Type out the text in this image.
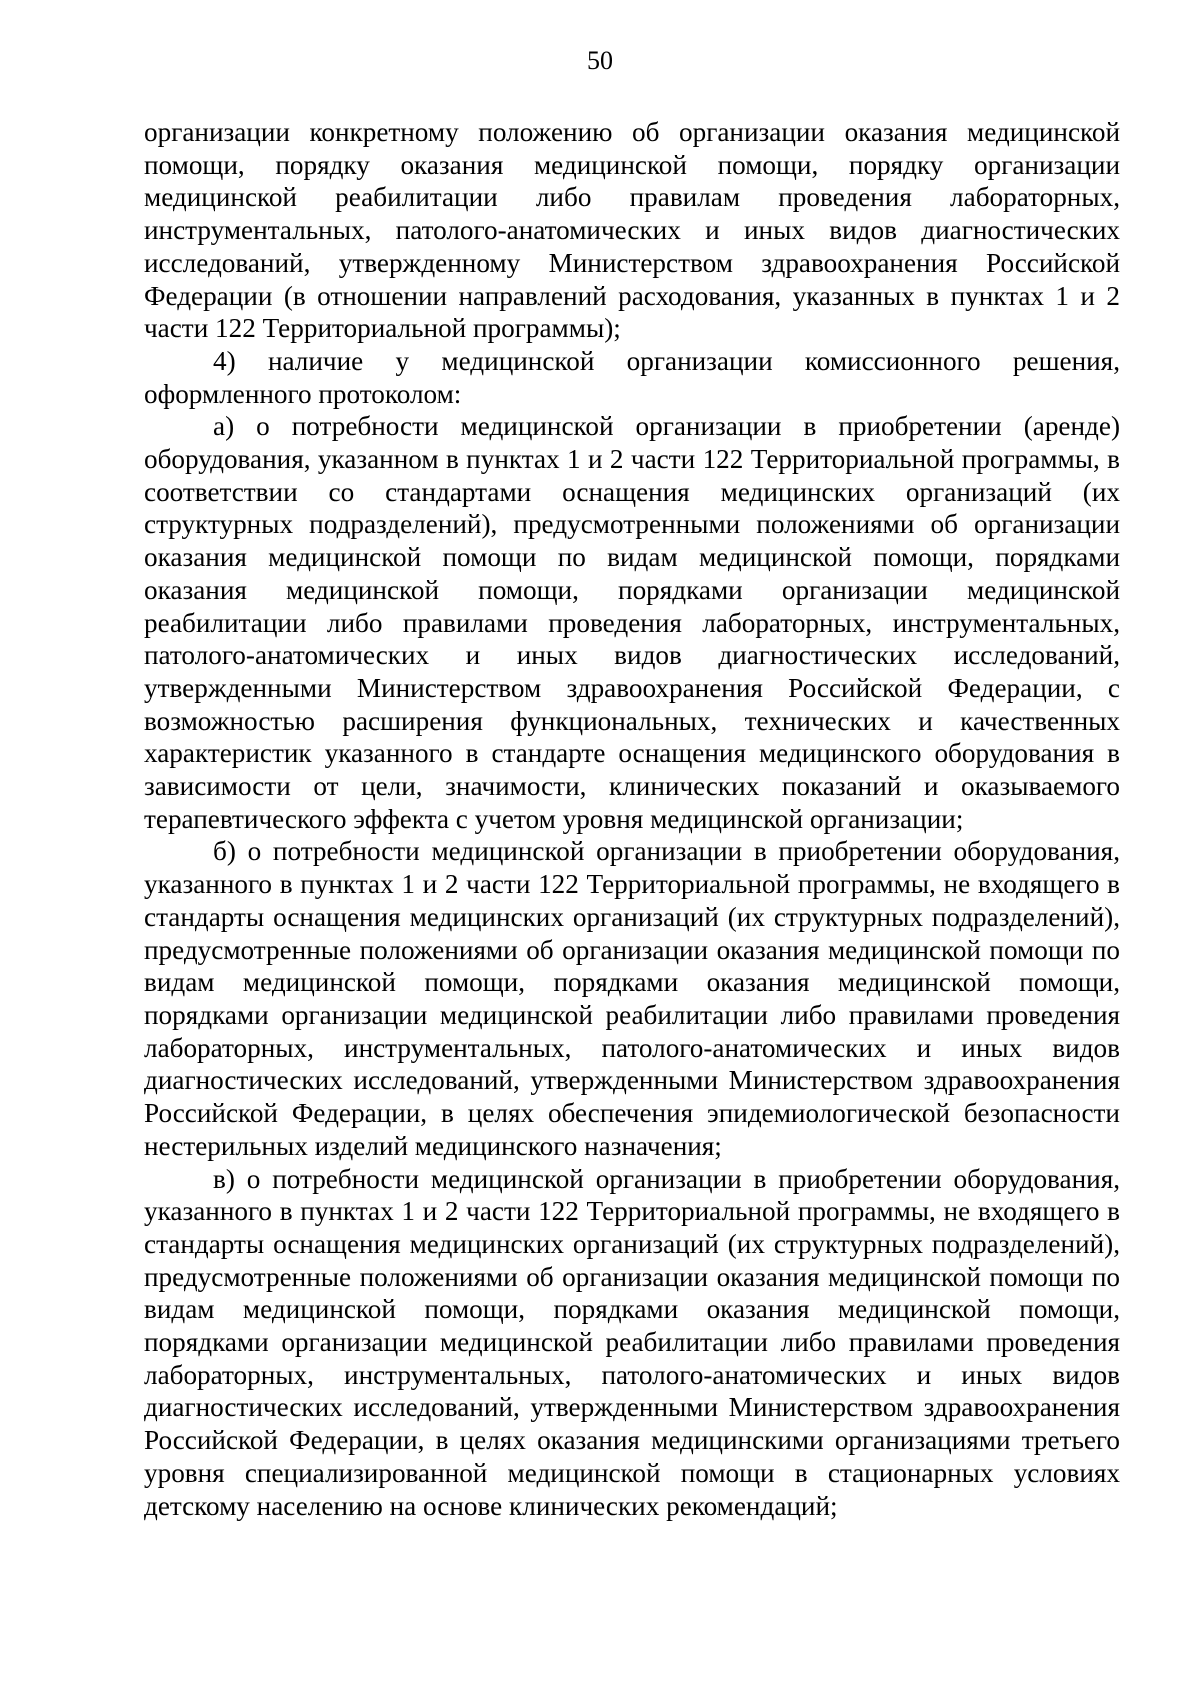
50

организации конкретному положению об организации оказания медицинской помощи, порядку оказания медицинской помощи, порядку организации медицинской реабилитации либо правилам проведения лабораторных, инструментальных, патолого-анатомических и иных видов диагностических исследований, утвержденному Министерством здравоохранения Российской Федерации (в отношении направлений расходования, указанных в пунктах 1 и 2 части 122 Территориальной программы);

4) наличие у медицинской организации комиссионного решения, оформленного протоколом:

а) о потребности медицинской организации в приобретении (аренде) оборудования, указанном в пунктах 1 и 2 части 122 Территориальной программы, в соответствии со стандартами оснащения медицинских организаций (их структурных подразделений), предусмотренными положениями об организации оказания медицинской помощи по видам медицинской помощи, порядками оказания медицинской помощи, порядками организации медицинской реабилитации либо правилами проведения лабораторных, инструментальных, патолого-анатомических и иных видов диагностических исследований, утвержденными Министерством здравоохранения Российской Федерации, с возможностью расширения функциональных, технических и качественных характеристик указанного в стандарте оснащения медицинского оборудования в зависимости от цели, значимости, клинических показаний и оказываемого терапевтического эффекта с учетом уровня медицинской организации;

б) о потребности медицинской организации в приобретении оборудования, указанного в пунктах 1 и 2 части 122 Территориальной программы, не входящего в стандарты оснащения медицинских организаций (их структурных подразделений), предусмотренные положениями об организации оказания медицинской помощи по видам медицинской помощи, порядками оказания медицинской помощи, порядками организации медицинской реабилитации либо правилами проведения лабораторных, инструментальных, патолого-анатомических и иных видов диагностических исследований, утвержденными Министерством здравоохранения Российской Федерации, в целях обеспечения эпидемиологической безопасности нестерильных изделий медицинского назначения;

в) о потребности медицинской организации в приобретении оборудования, указанного в пунктах 1 и 2 части 122 Территориальной программы, не входящего в стандарты оснащения медицинских организаций (их структурных подразделений), предусмотренные положениями об организации оказания медицинской помощи по видам медицинской помощи, порядками оказания медицинской помощи, порядками организации медицинской реабилитации либо правилами проведения лабораторных, инструментальных, патолого-анатомических и иных видов диагностических исследований, утвержденными Министерством здравоохранения Российской Федерации, в целях оказания медицинскими организациями третьего уровня специализированной медицинской помощи в стационарных условиях детскому населению на основе клинических рекомендаций;
